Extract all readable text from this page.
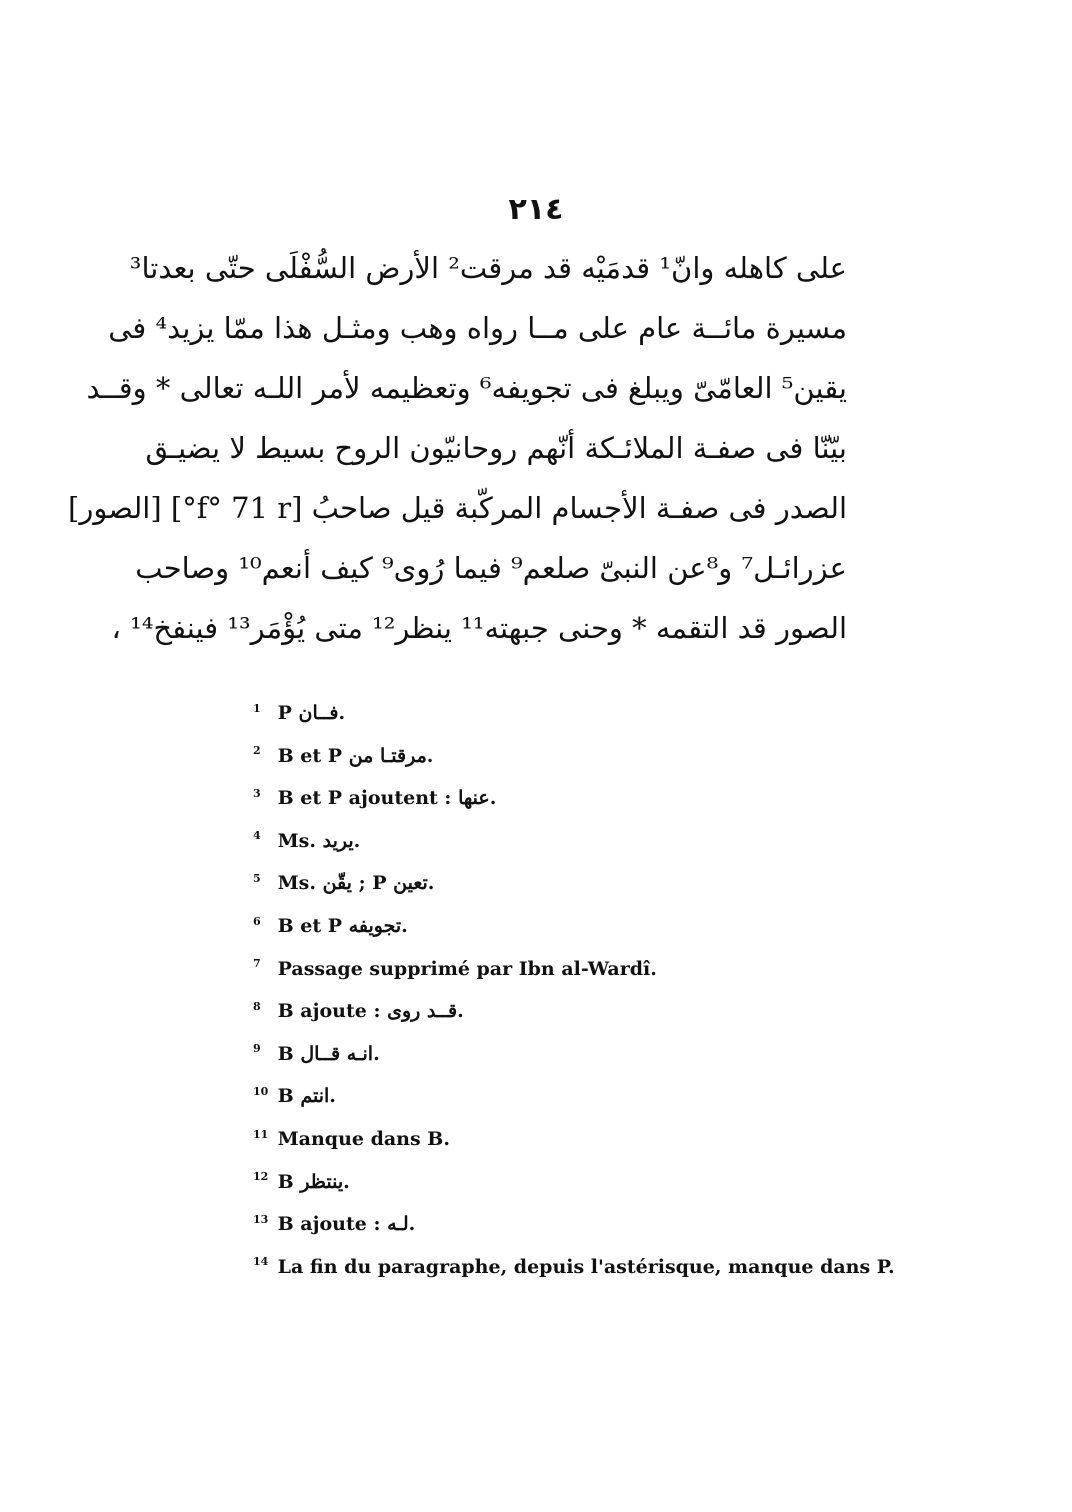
٢١٤
على كاهله وانّ¹ قدمَيْه قد مرقت² الأرض السُّفْلَى حتّى بعدتا³
مسيرة مائــة عام على مــا رواه وهب ومثـل هذا ممّا يزيد⁴ فى
يقين⁵ العامّىّ ويبلغ فى تجويفه⁶ وتعظيمه لأمر اللـه تعالى * وقــد
بيّنّا فى صفـة الملائـكة أنّهم روحانيّون الروح بسيط لا يضيـق
الصدر فى صفـة الأجسام المركّبة قيل صاحبُ [f° 71 r°] [الصور]
عزرائـل⁷ و⁸عن النبىّ صلعم⁹ فيما رُوى⁹ كيف أنعم¹⁰ وصاحب
الصور قد التقمه * وحنى جبهته¹¹ ينظر¹² متى يُؤْمَر¹³ فينفخ¹⁴ ،
1 P فــان.
2 B et P مرقتـا من.
3 B et P ajoutent : عنها.
4 Ms. يريد.
5 Ms. يقّن ; P تعين.
6 B et P تجويفه.
7 Passage supprimé par Ibn al-Wardî.
8 B ajoute : قــد روى.
9 B انـه قــال.
10 B انتم.
11 Manque dans B.
12 B ينتظر.
13 B ajoute : لـه.
14 La fin du paragraphe, depuis l'astérisque, manque dans P.
